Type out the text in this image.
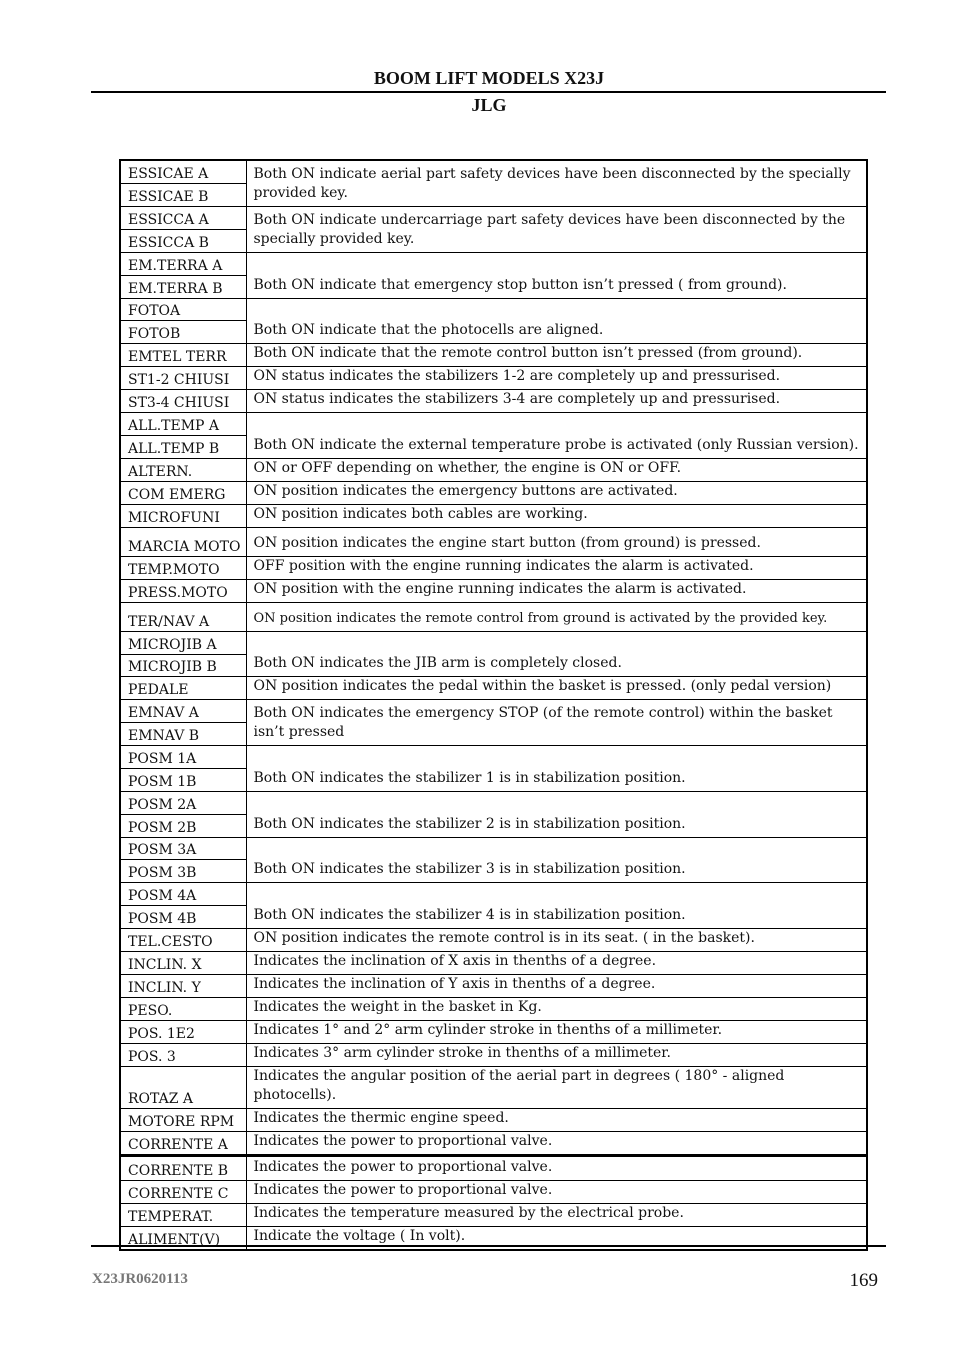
BOOM LIFT MODELS X23J
JLG
ESSICAE A	Both ON indicate aerial part safety devices have been disconnected by the specially provided key.
ESSICAE B	
ESSICCA A	Both ON indicate undercarriage part safety devices have been disconnected by the specially provided key.
ESSICCA B	
EM.TERRA A	Both ON indicate that emergency stop button isn’t pressed ( from ground).
EM.TERRA B	
FOTOA	Both ON indicate that the photocells are aligned.
FOTOB	
EMTEL TERR	Both ON indicate that the remote control button isn’t pressed (from ground).
ST1-2 CHIUSI	ON status indicates the stabilizers 1-2 are completely up and pressurised.
ST3-4 CHIUSI	ON status indicates the stabilizers 3-4 are completely up and pressurised.
ALL.TEMP A	Both ON indicate the external temperature probe is activated (only Russian version).
ALL.TEMP B	
ALTERN.	ON or OFF depending on whether, the engine is ON or OFF.
COM EMERG	ON position indicates the emergency buttons are activated.
MICROFUNI	ON position indicates both cables are working.
MARCIA MOTO	ON position indicates the engine start button (from ground) is pressed.
TEMP.MOTO	OFF position with the engine running indicates the alarm is activated.
PRESS.MOTO	ON position with the engine running indicates the alarm is activated.
TER/NAV A	ON position indicates the remote control from ground is activated by the provided key.
MICROJIB A	Both ON indicates the JIB arm is completely closed.
MICROJIB B	
PEDALE	ON position indicates the pedal within the basket is pressed. (only pedal version)
EMNAV A	Both ON indicates the emergency STOP (of the remote control) within the basket isn’t pressed
EMNAV B	
POSM 1A	Both ON indicates the stabilizer 1 is in stabilization position.
POSM 1B	
POSM 2A	Both ON indicates the stabilizer 2 is in stabilization position.
POSM 2B	
POSM 3A	Both ON indicates the stabilizer 3 is in stabilization position.
POSM 3B	
POSM 4A	Both ON indicates the stabilizer 4 is in stabilization position.
POSM 4B	
TEL.CESTO	ON position indicates the remote control is in its seat. ( in the basket).
INCLIN. X	Indicates the inclination of X axis in thenths of a degree.
INCLIN. Y	Indicates the inclination of Y axis in thenths of a degree.
PESO.	Indicates the weight in the basket in Kg.
POS. 1E2	Indicates 1° and 2° arm cylinder stroke in thenths of a millimeter.
POS. 3	Indicates 3° arm cylinder stroke in thenths of a millimeter.
ROTAZ A	Indicates the angular position of the aerial part in degrees ( 180° - aligned photocells).
MOTORE RPM	Indicates the thermic engine speed.
CORRENTE A	Indicates the power to proportional valve.
CORRENTE B	Indicates the power to proportional valve.
CORRENTE C	Indicates the power to proportional valve.
TEMPERAT.	Indicates the temperature measured by the electrical probe.
ALIMENT(V)	Indicate the voltage ( In volt).
X23JR0620113	169
